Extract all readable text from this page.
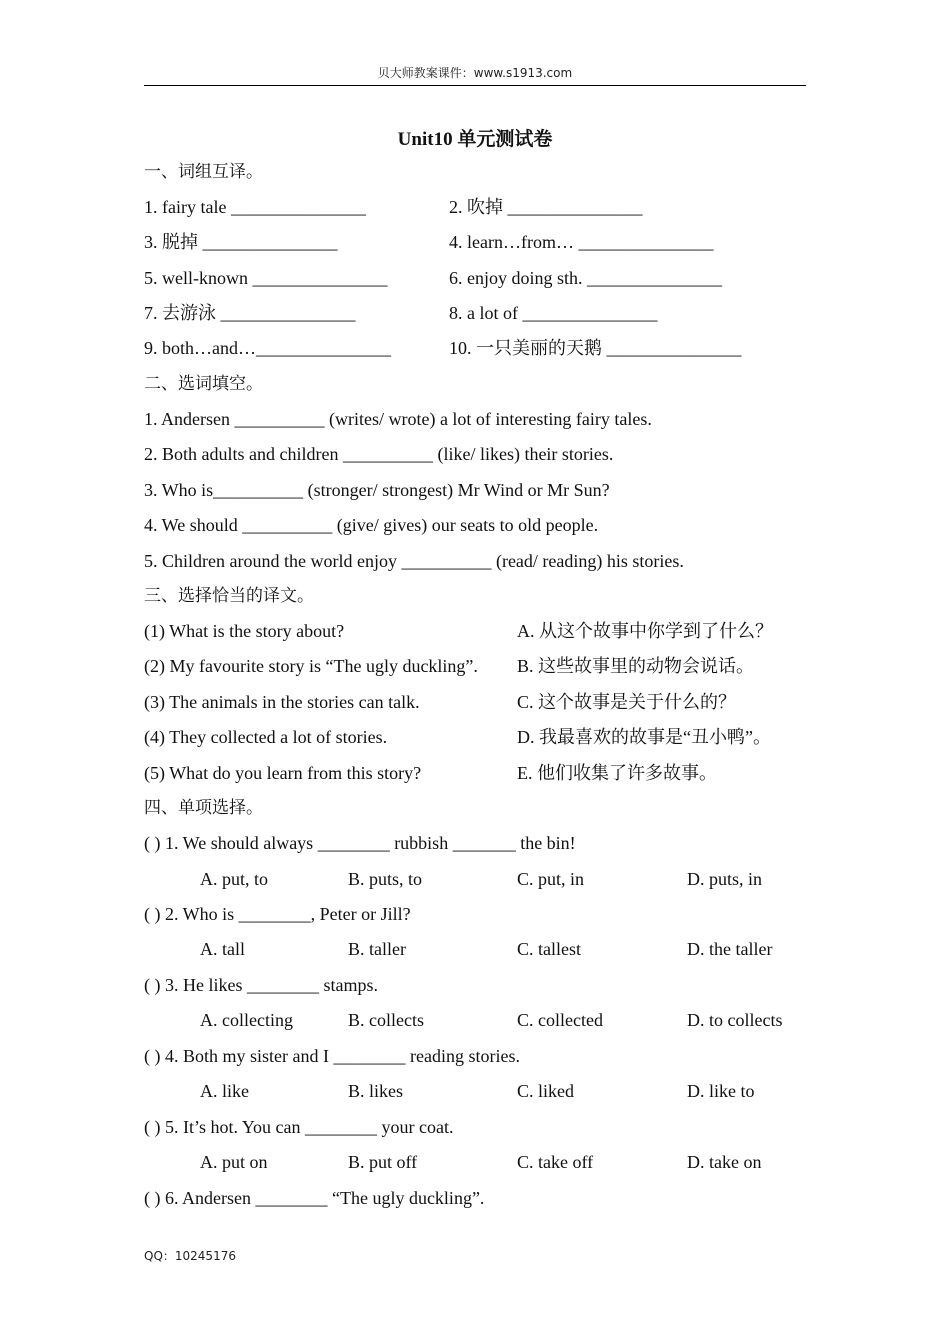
贝大师教案课件：www.s1913.com
Unit10 单元测试卷
一、词组互译。
1. fairy tale _______________	2. 吹掉 _______________
3. 脱掉 _______________	4. learn…from… _______________
5. well-known _______________	6. enjoy doing sth. _______________
7. 去游泳 _______________	8. a lot of _______________
9. both…and…_______________	10. 一只美丽的天鹅 _______________
二、选词填空。
1. Andersen __________ (writes/ wrote) a lot of interesting fairy tales.
2. Both adults and children __________ (like/ likes) their stories.
3. Who is__________ (stronger/ strongest) Mr Wind or Mr Sun?
4. We should __________ (give/ gives) our seats to old people.
5. Children around the world enjoy __________ (read/ reading) his stories.
三、选择恰当的译文。
(1) What is the story about?	A. 从这个故事中你学到了什么？
(2) My favourite story is “The ugly duckling”. B. 这些故事里的动物会说话。
(3) The animals in the stories can talk.	C. 这个故事是关于什么的？
(4) They collected a lot of stories.	D. 我最喜欢的故事是“丑小鸭”。
(5) What do you learn from this story?	E. 他们收集了许多故事。
四、单项选择。
( ) 1. We should always ________ rubbish _______ the bin!
A. put, to	B. puts, to	C. put, in	D. puts, in
( ) 2. Who is ________, Peter or Jill?
A. tall	B. taller	C. tallest	D. the taller
( ) 3. He likes ________ stamps.
A. collecting	B. collects	C. collected	D. to collects
( ) 4. Both my sister and I ________ reading stories.
A. like	B. likes	C. liked	D. like to
( ) 5. It’s hot. You can ________ your coat.
A. put on	B. put off	C. take off	D. take on
( ) 6. Andersen ________ “The ugly duckling”.
QQ：10245176
